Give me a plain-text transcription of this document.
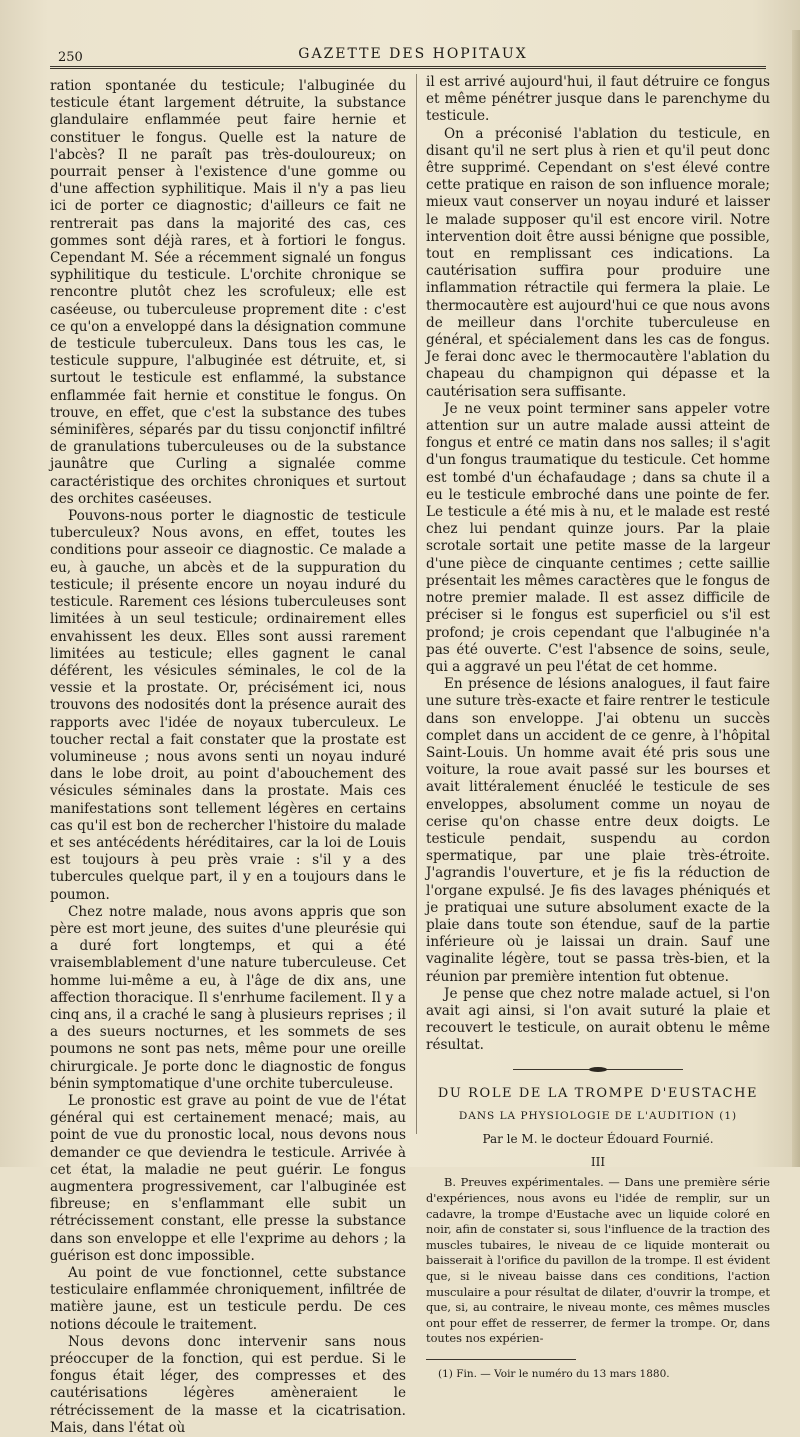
250	GAZETTE DES HOPITAUX

ration spontanée du testicule; l'albuginée du testicule étant largement détruite, la substance glandulaire enflammée peut faire hernie et constituer le fongus. Quelle est la nature de l'abcès? Il ne paraît pas très-douloureux; on pourrait penser à l'existence d'une gomme ou d'une affection syphilitique. Mais il n'y a pas lieu ici de porter ce diagnostic; d'ailleurs ce fait ne rentrerait pas dans la majorité des cas, ces gommes sont déjà rares, et à fortiori le fongus. Cependant M. Sée a récemment signalé un fongus syphilitique du testicule. L'orchite chronique se rencontre plutôt chez les scrofuleux; elle est caséeuse, ou tuberculeuse proprement dite : c'est ce qu'on a enveloppé dans la désignation commune de testicule tuberculeux. Dans tous les cas, le testicule suppure, l'albuginée est détruite, et, si surtout le testicule est enflammé, la substance enflammée fait hernie et constitue le fongus. On trouve, en effet, que c'est la substance des tubes séminifères, séparés par du tissu conjonctif infiltré de granulations tuberculeuses ou de la substance jaunâtre que Curling a signalée comme caractéristique des orchites chroniques et surtout des orchites caséeuses.

Pouvons-nous porter le diagnostic de testicule tuberculeux? Nous avons, en effet, toutes les conditions pour asseoir ce diagnostic. Ce malade a eu, à gauche, un abcès et de la suppuration du testicule; il présente encore un noyau induré du testicule. Rarement ces lésions tuberculeuses sont limitées à un seul testicule; ordinairement elles envahissent les deux. Elles sont aussi rarement limitées au testicule; elles gagnent le canal déférent, les vésicules séminales, le col de la vessie et la prostate. Or, précisément ici, nous trouvons des nodosités dont la présence aurait des rapports avec l'idée de noyaux tuberculeux. Le toucher rectal a fait constater que la prostate est volumineuse ; nous avons senti un noyau induré dans le lobe droit, au point d'abouchement des vésicules séminales dans la prostate. Mais ces manifestations sont tellement légères en certains cas qu'il est bon de rechercher l'histoire du malade et ses antécédents héréditaires, car la loi de Louis est toujours à peu près vraie : s'il y a des tubercules quelque part, il y en a toujours dans le poumon.

Chez notre malade, nous avons appris que son père est mort jeune, des suites d'une pleurésie qui a duré fort longtemps, et qui a été vraisemblablement d'une nature tuberculeuse. Cet homme lui-même a eu, à l'âge de dix ans, une affection thoracique. Il s'enrhume facilement. Il y a cinq ans, il a craché le sang à plusieurs reprises ; il a des sueurs nocturnes, et les sommets de ses poumons ne sont pas nets, même pour une oreille chirurgicale. Je porte donc le diagnostic de fongus bénin symptomatique d'une orchite tuberculeuse.

Le pronostic est grave au point de vue de l'état général qui est certainement menacé; mais, au point de vue du pronostic local, nous devons nous demander ce que deviendra le testicule. Arrivée à cet état, la maladie ne peut guérir. Le fongus augmentera progressivement, car l'albuginée est fibreuse; en s'enflammant elle subit un rétrécissement constant, elle presse la substance dans son enveloppe et elle l'exprime au dehors ; la guérison est donc impossible.

Au point de vue fonctionnel, cette substance testiculaire enflammée chroniquement, infiltrée de matière jaune, est un testicule perdu. De ces notions découle le traitement.

Nous devons donc intervenir sans nous préoccuper de la fonction, qui est perdue. Si le fongus était léger, des compresses et des cautérisations légères amèneraient le rétrécissement de la masse et la cicatrisation. Mais, dans l'état où

il est arrivé aujourd'hui, il faut détruire ce fongus et même pénétrer jusque dans le parenchyme du testicule.

On a préconisé l'ablation du testicule, en disant qu'il ne sert plus à rien et qu'il peut donc être supprimé. Cependant on s'est élevé contre cette pratique en raison de son influence morale; mieux vaut conserver un noyau induré et laisser le malade supposer qu'il est encore viril. Notre intervention doit être aussi bénigne que possible, tout en remplissant ces indications. La cautérisation suffira pour produire une inflammation rétractile qui fermera la plaie. Le thermocautère est aujourd'hui ce que nous avons de meilleur dans l'orchite tuberculeuse en général, et spécialement dans les cas de fongus. Je ferai donc avec le thermocautère l'ablation du chapeau du champignon qui dépasse et la cautérisation sera suffisante.

Je ne veux point terminer sans appeler votre attention sur un autre malade aussi atteint de fongus et entré ce matin dans nos salles; il s'agit d'un fongus traumatique du testicule. Cet homme est tombé d'un échafaudage ; dans sa chute il a eu le testicule embroché dans une pointe de fer. Le testicule a été mis à nu, et le malade est resté chez lui pendant quinze jours. Par la plaie scrotale sortait une petite masse de la largeur d'une pièce de cinquante centimes ; cette saillie présentait les mêmes caractères que le fongus de notre premier malade. Il est assez difficile de préciser si le fongus est superficiel ou s'il est profond; je crois cependant que l'albuginée n'a pas été ouverte. C'est l'absence de soins, seule, qui a aggravé un peu l'état de cet homme.

En présence de lésions analogues, il faut faire une suture très-exacte et faire rentrer le testicule dans son enveloppe. J'ai obtenu un succès complet dans un accident de ce genre, à l'hôpital Saint-Louis. Un homme avait été pris sous une voiture, la roue avait passé sur les bourses et avait littéralement énucléé le testicule de ses enveloppes, absolument comme un noyau de cerise qu'on chasse entre deux doigts. Le testicule pendait, suspendu au cordon spermatique, par une plaie très-étroite. J'agrandis l'ouverture, et je fis la réduction de l'organe expulsé. Je fis des lavages phéniqués et je pratiquai une suture absolument exacte de la plaie dans toute son étendue, sauf de la partie inférieure où je laissai un drain. Sauf une vaginalite légère, tout se passa très-bien, et la réunion par première intention fut obtenue.

Je pense que chez notre malade actuel, si l'on avait agi ainsi, si l'on avait suturé la plaie et recouvert le testicule, on aurait obtenu le même résultat.

DU ROLE DE LA TROMPE D'EUSTACHE
DANS LA PHYSIOLOGIE DE L'AUDITION (1)
Par le M. le docteur Édouard Fournié.
III

B. Preuves expérimentales. — Dans une première série d'expériences, nous avons eu l'idée de remplir, sur un cadavre, la trompe d'Eustache avec un liquide coloré en noir, afin de constater si, sous l'influence de la traction des muscles tubaires, le niveau de ce liquide monterait ou baisserait à l'orifice du pavillon de la trompe. Il est évident que, si le niveau baisse dans ces conditions, l'action musculaire a pour résultat de dilater, d'ouvrir la trompe, et que, si, au contraire, le niveau monte, ces mêmes muscles ont pour effet de resserrer, de fermer la trompe. Or, dans toutes nos expérien-

(1) Fin. — Voir le numéro du 13 mars 1880.
